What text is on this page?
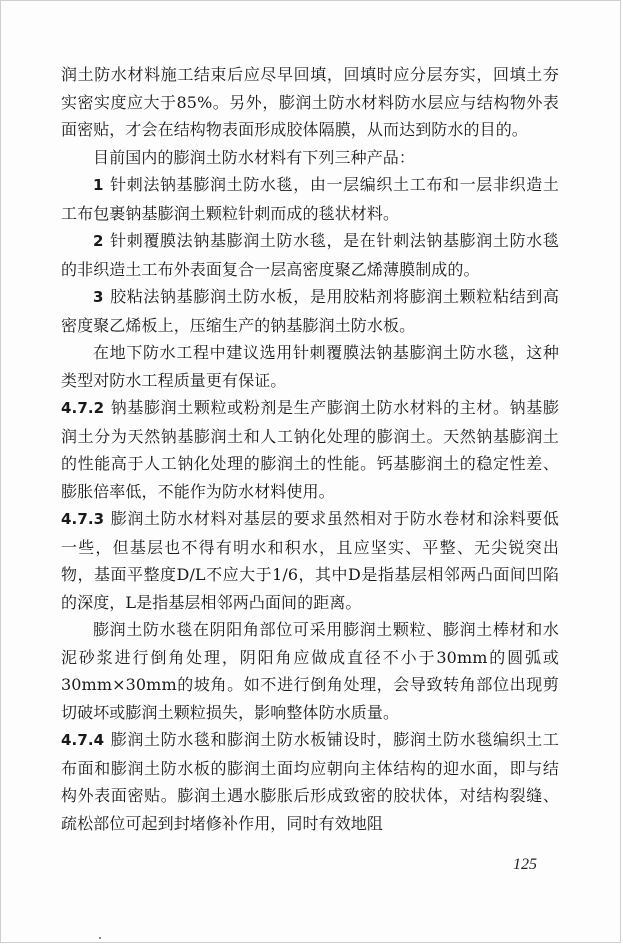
润土防水材料施工结束后应尽早回填，回填时应分层夯实，回填土夯实密实度应大于85%。另外，膨润土防水材料防水层应与结构物外表面密贴，才会在结构物表面形成胶体隔膜，从而达到防水的目的。

目前国内的膨润土防水材料有下列三种产品：

1 针刺法钠基膨润土防水毯，由一层编织土工布和一层非织造土工布包裹钠基膨润土颗粒针刺而成的毯状材料。

2 针刺覆膜法钠基膨润土防水毯，是在针刺法钠基膨润土防水毯的非织造土工布外表面复合一层高密度聚乙烯薄膜制成的。

3 胶粘法钠基膨润土防水板，是用胶粘剂将膨润土颗粒粘结到高密度聚乙烯板上，压缩生产的钠基膨润土防水板。

在地下防水工程中建议选用针刺覆膜法钠基膨润土防水毯，这种类型对防水工程质量更有保证。

4.7.2 钠基膨润土颗粒或粉剂是生产膨润土防水材料的主材。钠基膨润土分为天然钠基膨润土和人工钠化处理的膨润土。天然钠基膨润土的性能高于人工钠化处理的膨润土的性能。钙基膨润土的稳定性差、膨胀倍率低，不能作为防水材料使用。

4.7.3 膨润土防水材料对基层的要求虽然相对于防水卷材和涂料要低一些，但基层也不得有明水和积水，且应坚实、平整、无尖锐突出物，基面平整度D/L不应大于1/6，其中D是指基层相邻两凸面间凹陷的深度，L是指基层相邻两凸面间的距离。

膨润土防水毯在阴阳角部位可采用膨润土颗粒、膨润土棒材和水泥砂浆进行倒角处理，阴阳角应做成直径不小于30mm的圆弧或30mm×30mm的坡角。如不进行倒角处理，会导致转角部位出现剪切破坏或膨润土颗粒损失，影响整体防水质量。

4.7.4 膨润土防水毯和膨润土防水板铺设时，膨润土防水毯编织土工布面和膨润土防水板的膨润土面均应朝向主体结构的迎水面，即与结构外表面密贴。膨润土遇水膨胀后形成致密的胶状体，对结构裂缝、疏松部位可起到封堵修补作用，同时有效地阻

125
